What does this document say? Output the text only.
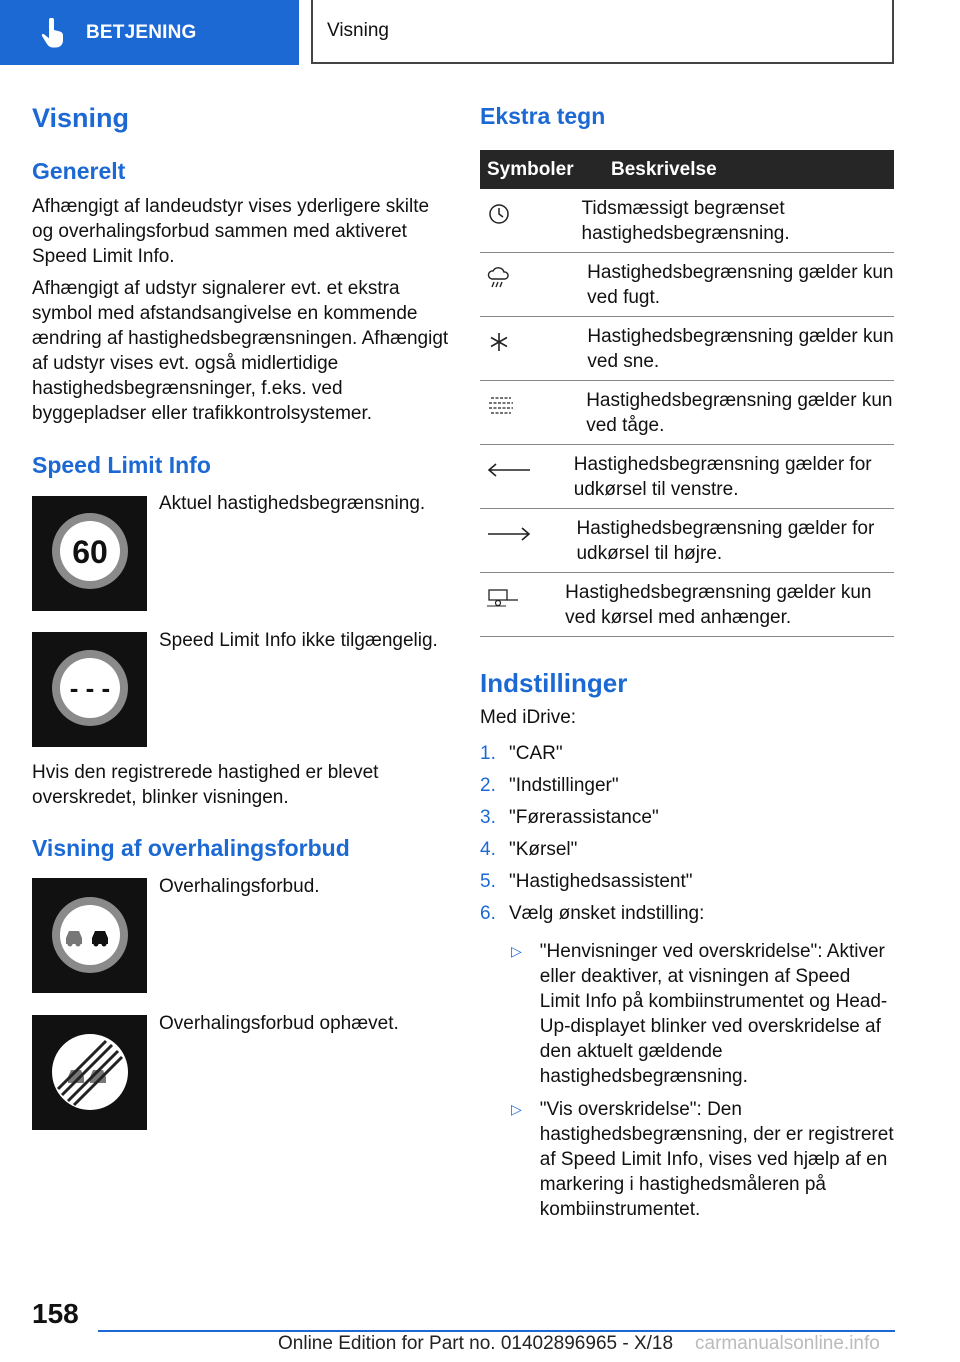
BETJENING	Visning
Visning
Generelt

Afhængigt af landeudstyr vises yderligere skilte og overhalingsforbud sammen med aktiveret Speed Limit Info.

Afhængigt af udstyr signalerer evt. et ekstra symbol med afstandsangivelse en kommende ændring af hastighedsbegrænsningen. Afhængigt af udstyr vises evt. også midlertidige hastighedsbegrænsninger, f.eks. ved byggepladser eller trafikkontrolsystemer.

Speed Limit Info
60
Aktuel hastighedsbegrænsning.
- - -
Speed Limit Info ikke tilgængelig.

Hvis den registrerede hastighed er blevet overskredet, blinker visningen.

Visning af overhalingsforbud
Overhalingsforbud.
Overhalingsforbud ophævet.
Ekstra tegn
Symboler	Beskrivelse
Tidsmæssigt begrænset hastighedsbegrænsning.
Hastighedsbegrænsning gælder kun ved fugt.
Hastighedsbegrænsning gælder kun ved sne.
Hastighedsbegrænsning gælder kun ved tåge.
Hastighedsbegrænsning gælder for udkørsel til venstre.
Hastighedsbegrænsning gælder for udkørsel til højre.
Hastighedsbegrænsning gælder kun ved kørsel med anhænger.
Indstillinger
Med iDrive:
1. "CAR"
2. "Indstillinger"
3. "Førerassistance"
4. "Kørsel"
5. "Hastighedsassistent"
6. Vælg ønsket indstilling:
▷ "Henvisninger ved overskridelse": Aktiver eller deaktiver, at visningen af Speed Limit Info på kombiinstrumentet og Head-Up-displayet blinker ved overskridelse af den aktuelt gældende hastighedsbegrænsning.
▷ "Vis overskridelse": Den hastighedsbegrænsning, der er registreret af Speed Limit Info, vises ved hjælp af en markering i hastighedsmåleren på kombiinstrumentet.
158
Online Edition for Part no. 01402896965 - X/18 carmanualsonline.info
